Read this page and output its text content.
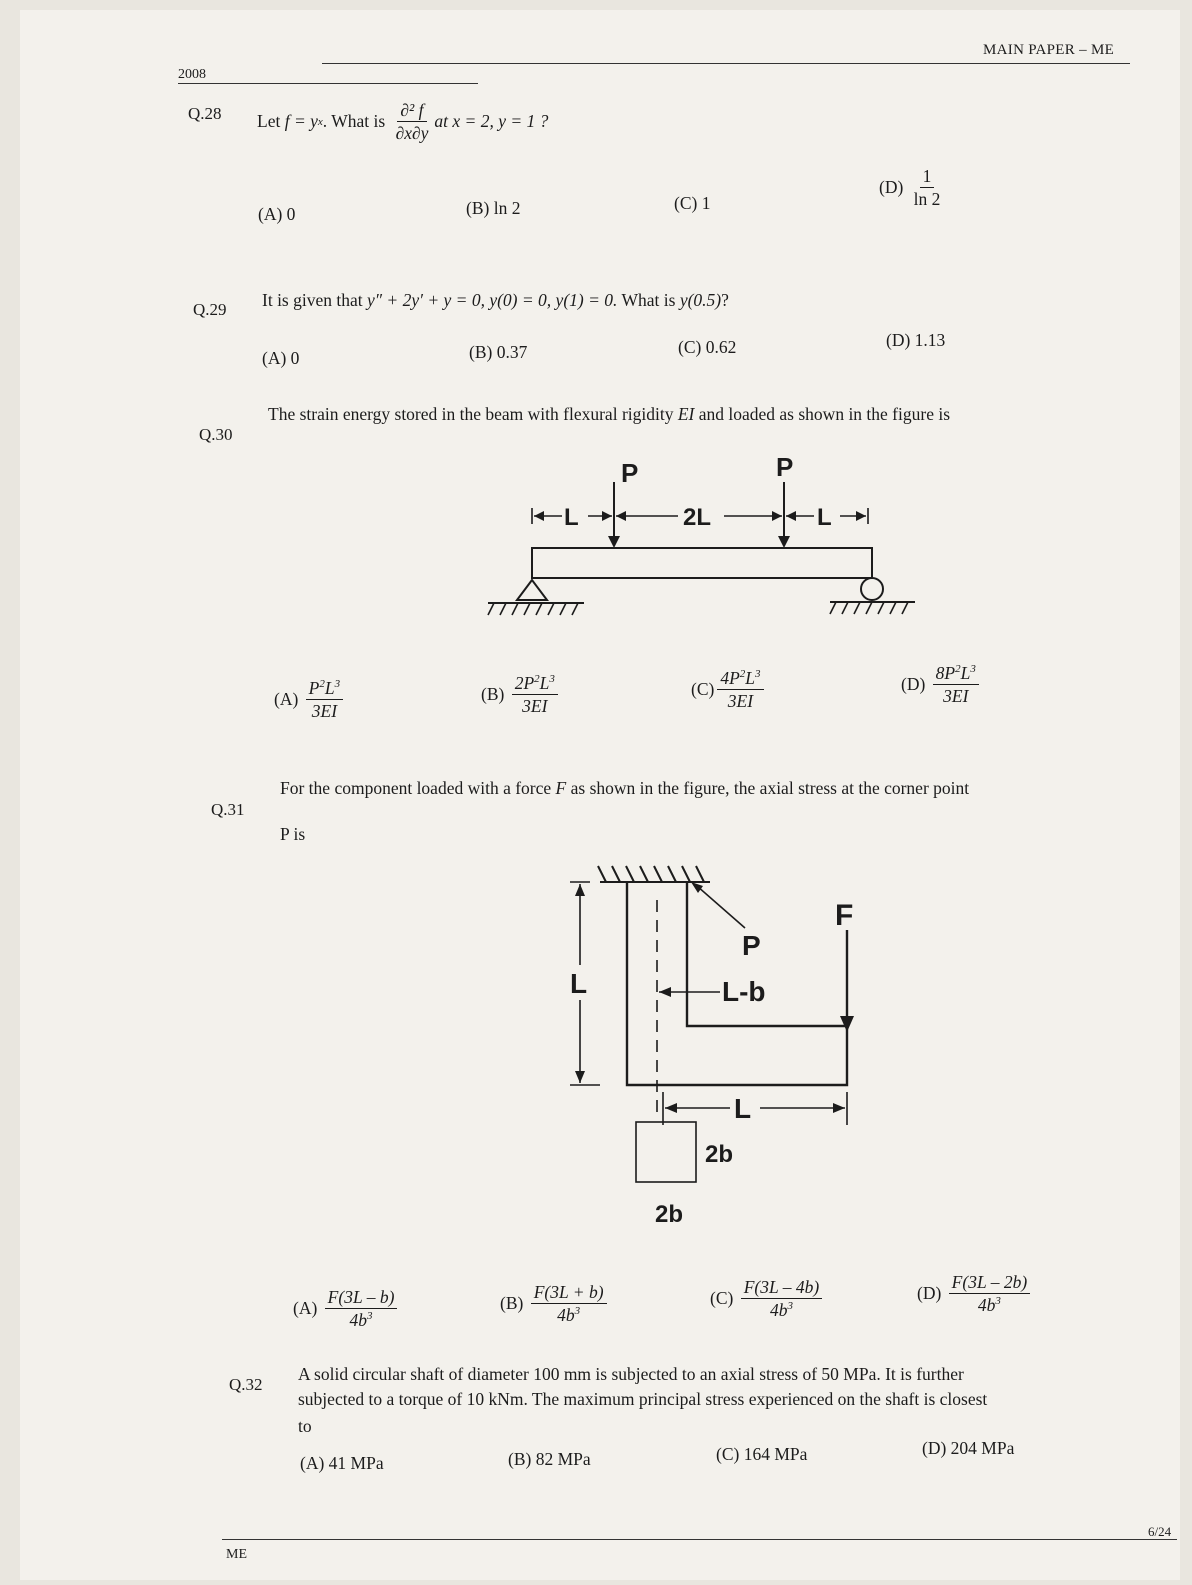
MAIN PAPER – ME
2008
Q.28 Let
f = y x . What is
$\frac{\text{∂² f}}{\partial x\partial y}$ at x = 2, y = 1 ?
(A) 0	(B) ln 2	(C) 1
(D)
$\frac{1}{\ln 2}$
Q.29 It is given that y″ + 2y′ + y = 0, y(0) = 0, y(1) = 0. What is y(0.5)?
(A) 0	(B) 0.37	(C) 0.62	(D) 1.13
Q.30
The strain energy stored in the beam with flexural rigidity EI and loaded as shown in the figure is
P	P
L	2L	L
(A)
$\frac{P^2L^3}{3EI}$	(B)
$\frac{2P^2L^3}{3EI}$	$(C) \frac{4P^2L^3}{3EI}$	(D)
$\frac{8P^2L^3}{3EI}$
Q.31
For the component loaded with a force F as shown in the figure, the axial stress at the corner point
P is
P
F
L	L-b
L
2b
2b
(A)
$\frac{F(3L - b)}{4b^3}$	(B)
$\frac{F(3L + b)}{4b^3}$	(C)
$\frac{F(3L - 4b)}{4b^3}$	(D)
$\frac{F(3L - 2b)}{4b^3}$
Q.32
A solid circular shaft of diameter 100 mm is subjected to an axial stress of 50 MPa. It is further
subjected to a torque of 10 kNm. The maximum principal stress experienced on the shaft is closest
to
(A) 41 MPa	(B) 82 MPa	(C) 164 MPa	(D) 204 MPa
ME
6/24
